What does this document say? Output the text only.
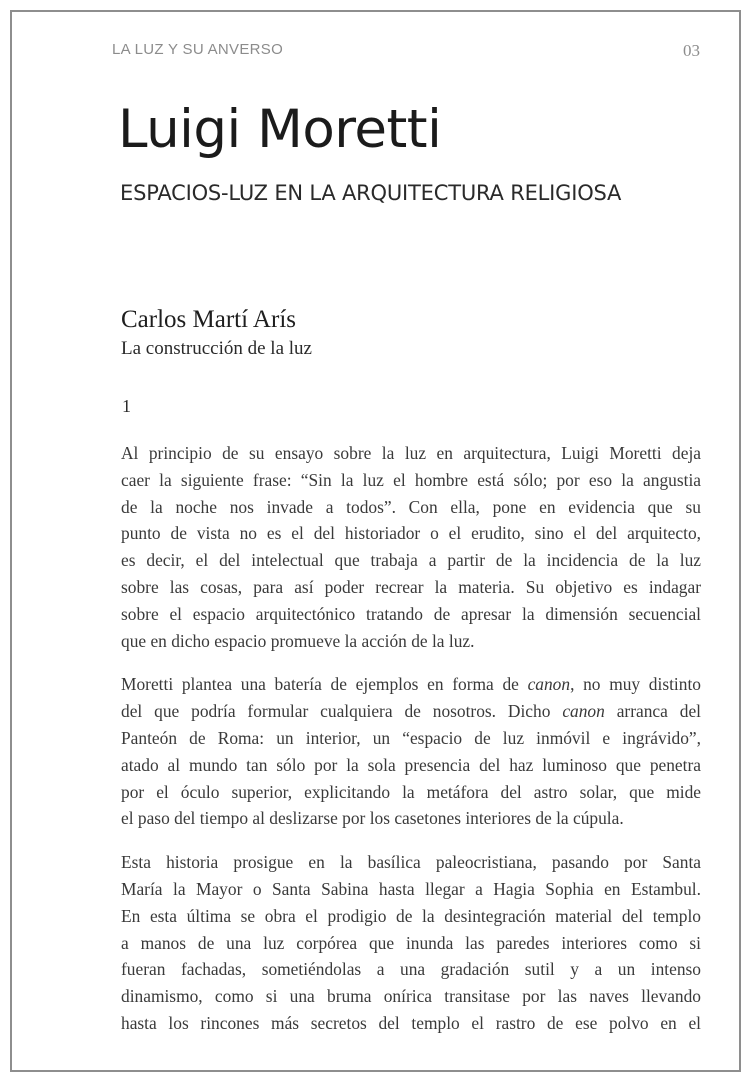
LA LUZ Y SU ANVERSO	03
Luigi Moretti
ESPACIOS-LUZ EN LA ARQUITECTURA RELIGIOSA
Carlos Martí Arís
La construcción de la luz
1

Al principio de su ensayo sobre la luz en arquitectura, Luigi Moretti deja
caer la siguiente frase: “Sin la luz el hombre está sólo; por eso la angustia
de la noche nos invade a todos”. Con ella, pone en evidencia que su
punto de vista no es el del historiador o el erudito, sino el del arquitecto,
es decir, el del intelectual que trabaja a partir de la incidencia de la luz
sobre las cosas, para así poder recrear la materia. Su objetivo es indagar
sobre el espacio arquitectónico tratando de apresar la dimensión secuencial
que en dicho espacio promueve la acción de la luz.

Moretti plantea una batería de ejemplos en forma de canon, no muy distinto
del que podría formular cualquiera de nosotros. Dicho canon arranca del
Panteón de Roma: un interior, un “espacio de luz inmóvil e ingrávido”,
atado al mundo tan sólo por la sola presencia del haz luminoso que penetra
por el óculo superior, explicitando la metáfora del astro solar, que mide
el paso del tiempo al deslizarse por los casetones interiores de la cúpula.

Esta historia prosigue en la basílica paleocristiana, pasando por Santa
María la Mayor o Santa Sabina hasta llegar a Hagia Sophia en Estambul.
En esta última se obra el prodigio de la desintegración material del templo
a manos de una luz corpórea que inunda las paredes interiores como si
fueran fachadas, sometiéndolas a una gradación sutil y a un intenso
dinamismo, como si una bruma onírica transitase por las naves llevando
hasta los rincones más secretos del templo el rastro de ese polvo en el
